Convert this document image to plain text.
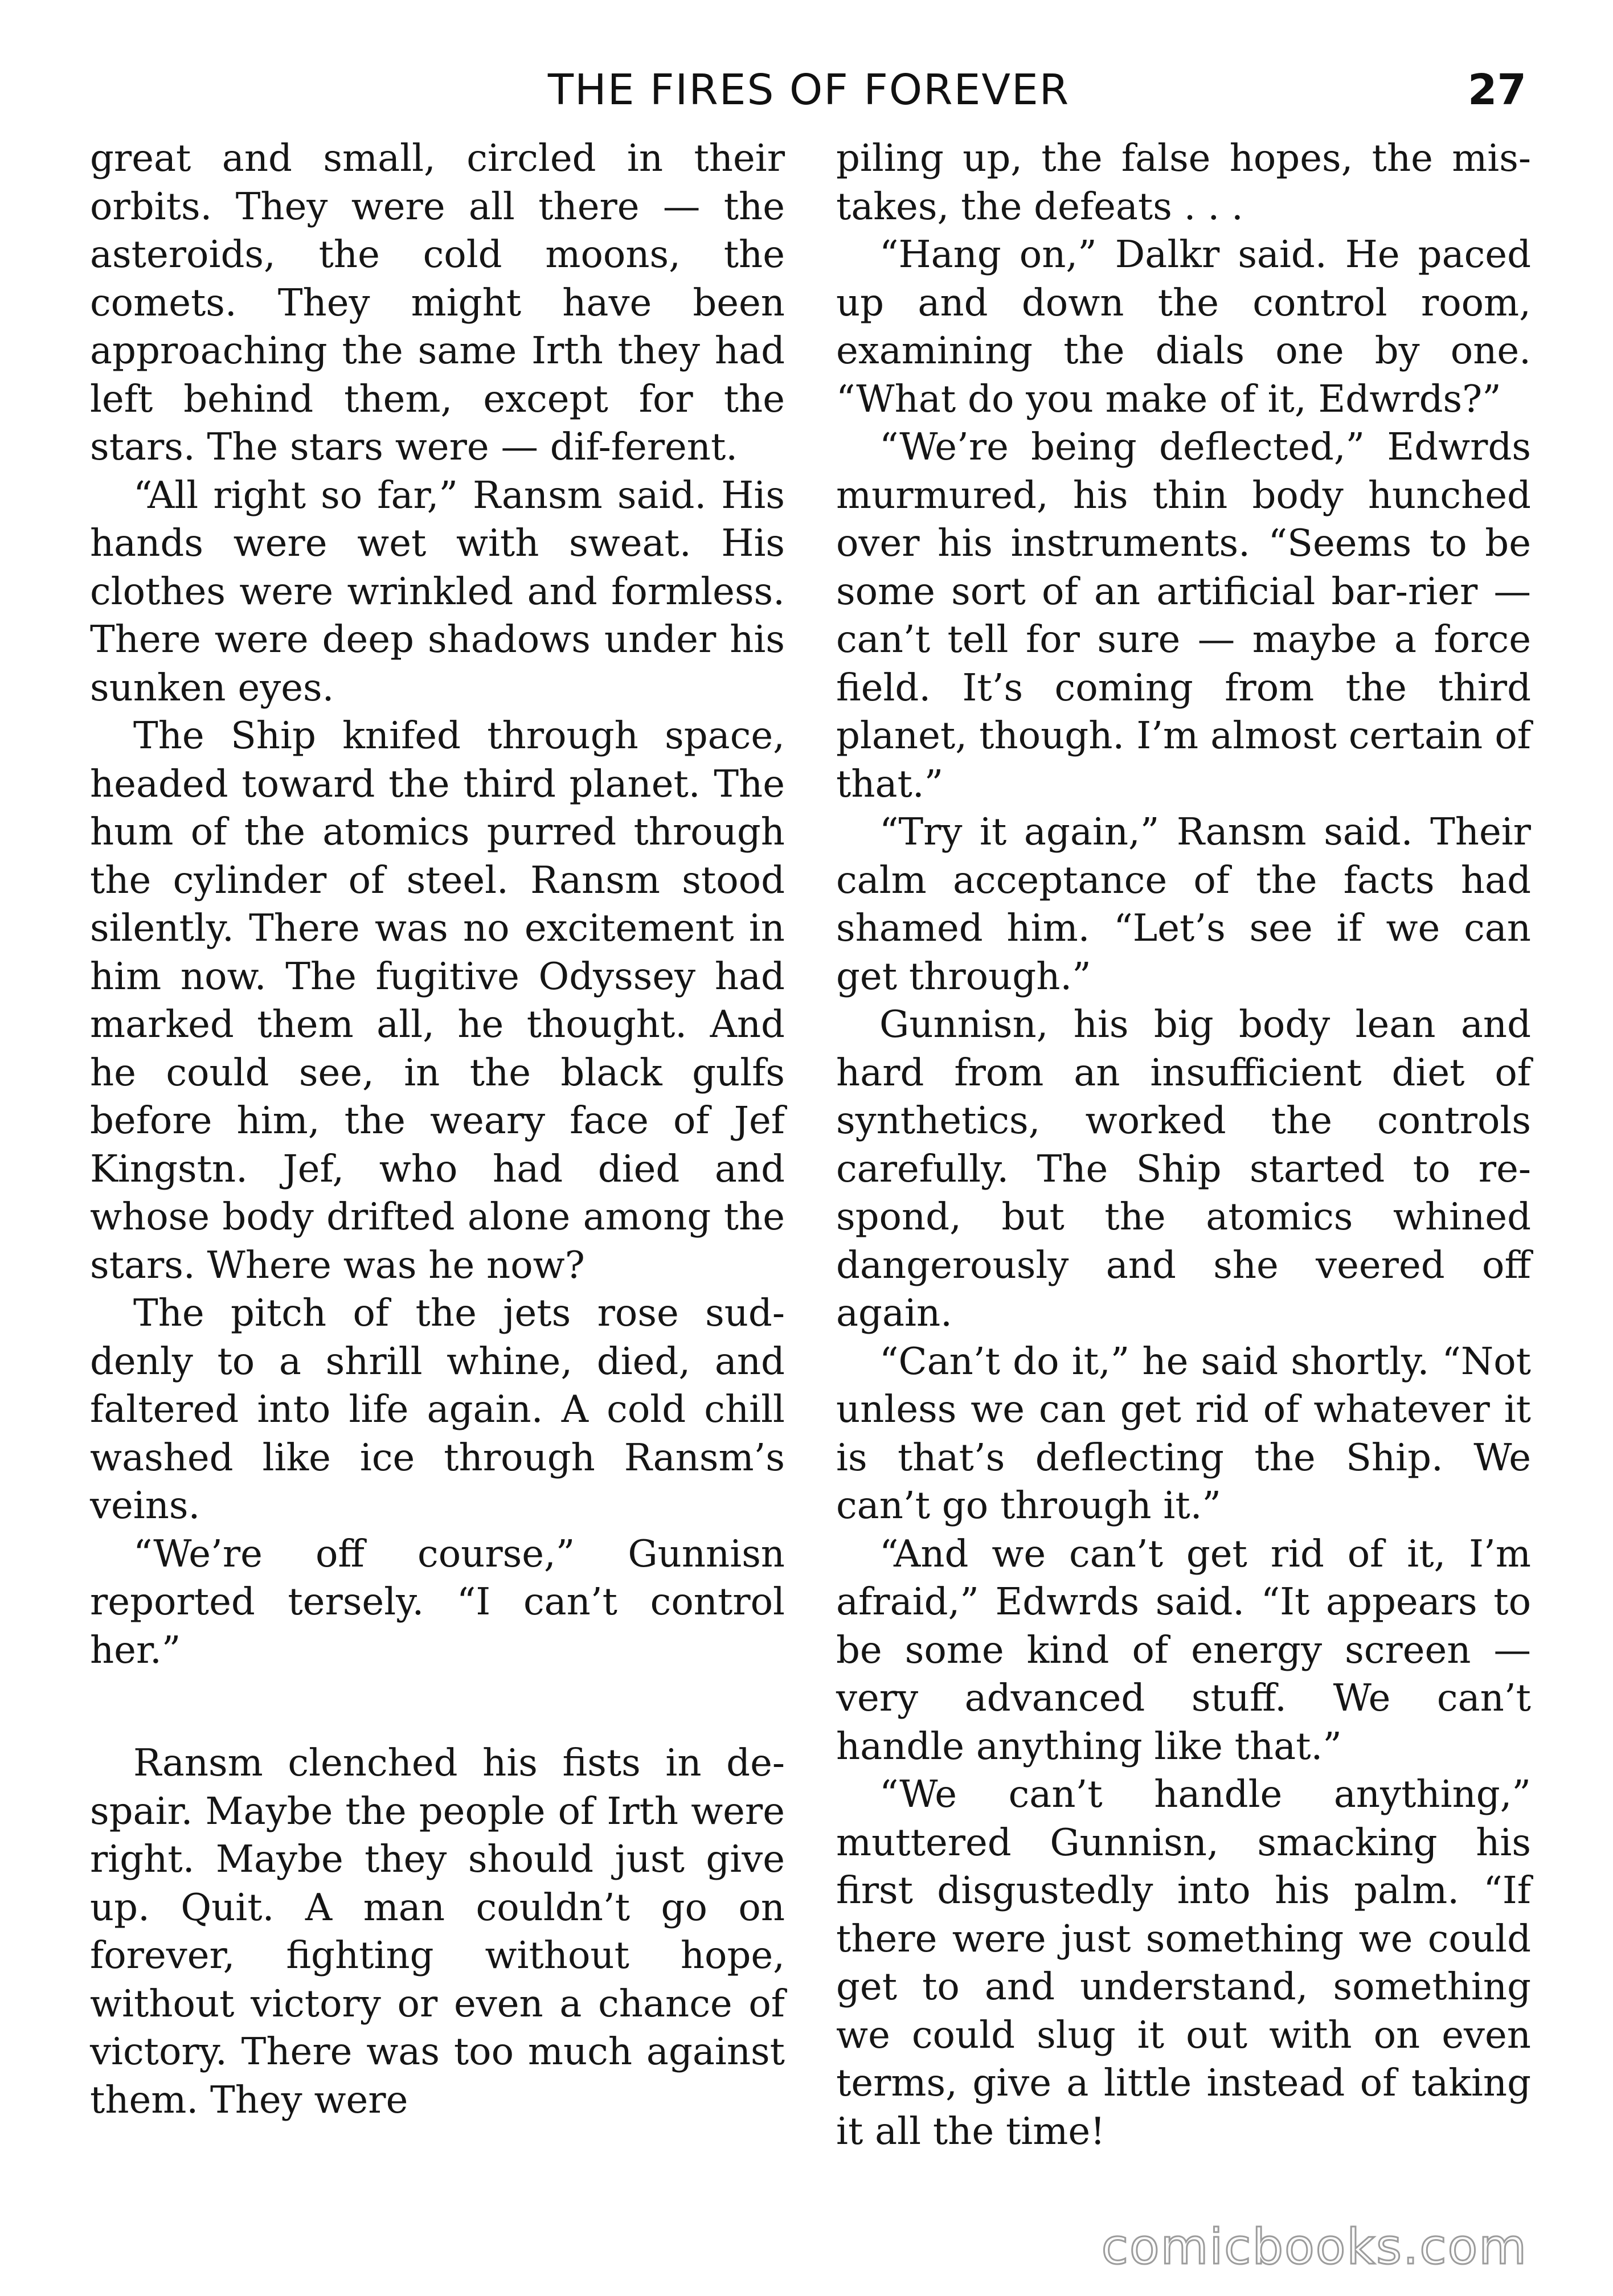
THE FIRES OF FOREVER	27

great and small, circled in their orbits. They were all there — the asteroids, the cold moons, the comets. They might have been approaching the same Irth they had left behind them, except for the stars. The stars were — dif-ferent.

“All right so far,” Ransm said. His hands were wet with sweat. His clothes were wrinkled and formless. There were deep shadows under his sunken eyes.

The Ship knifed through space, headed toward the third planet. The hum of the atomics purred through the cylinder of steel. Ransm stood silently. There was no excitement in him now. The fugitive Odyssey had marked them all, he thought. And he could see, in the black gulfs before him, the weary face of Jef Kingstn. Jef, who had died and whose body drifted alone among the stars. Where was he now?

The pitch of the jets rose sud-denly to a shrill whine, died, and faltered into life again. A cold chill washed like ice through Ransm’s veins.

“We’re off course,” Gunnisn reported tersely. “I can’t control her.”

Ransm clenched his fists in de-spair. Maybe the people of Irth were right. Maybe they should just give up. Quit. A man couldn’t go on forever, fighting without hope, without victory or even a chance of victory. There was too much against them. They were

piling up, the false hopes, the mis-takes, the defeats . . .

“Hang on,” Dalkr said. He paced up and down the control room, examining the dials one by one. “What do you make of it, Edwrds?”

“We’re being deflected,” Edwrds murmured, his thin body hunched over his instruments. “Seems to be some sort of an artificial bar-rier — can’t tell for sure — maybe a force field. It’s coming from the third planet, though. I’m almost certain of that.”

“Try it again,” Ransm said. Their calm acceptance of the facts had shamed him. “Let’s see if we can get through.”

Gunnisn, his big body lean and hard from an insufficient diet of synthetics, worked the controls carefully. The Ship started to re-spond, but the atomics whined dangerously and she veered off again.

“Can’t do it,” he said shortly. “Not unless we can get rid of whatever it is that’s deflecting the Ship. We can’t go through it.”

“And we can’t get rid of it, I’m afraid,” Edwrds said. “It appears to be some kind of energy screen — very advanced stuff. We can’t handle anything like that.”

“We can’t handle anything,” muttered Gunnisn, smacking his first disgustedly into his palm. “If there were just something we could get to and understand, something we could slug it out with on even terms, give a little instead of taking it all the time!

comicbooks.com
